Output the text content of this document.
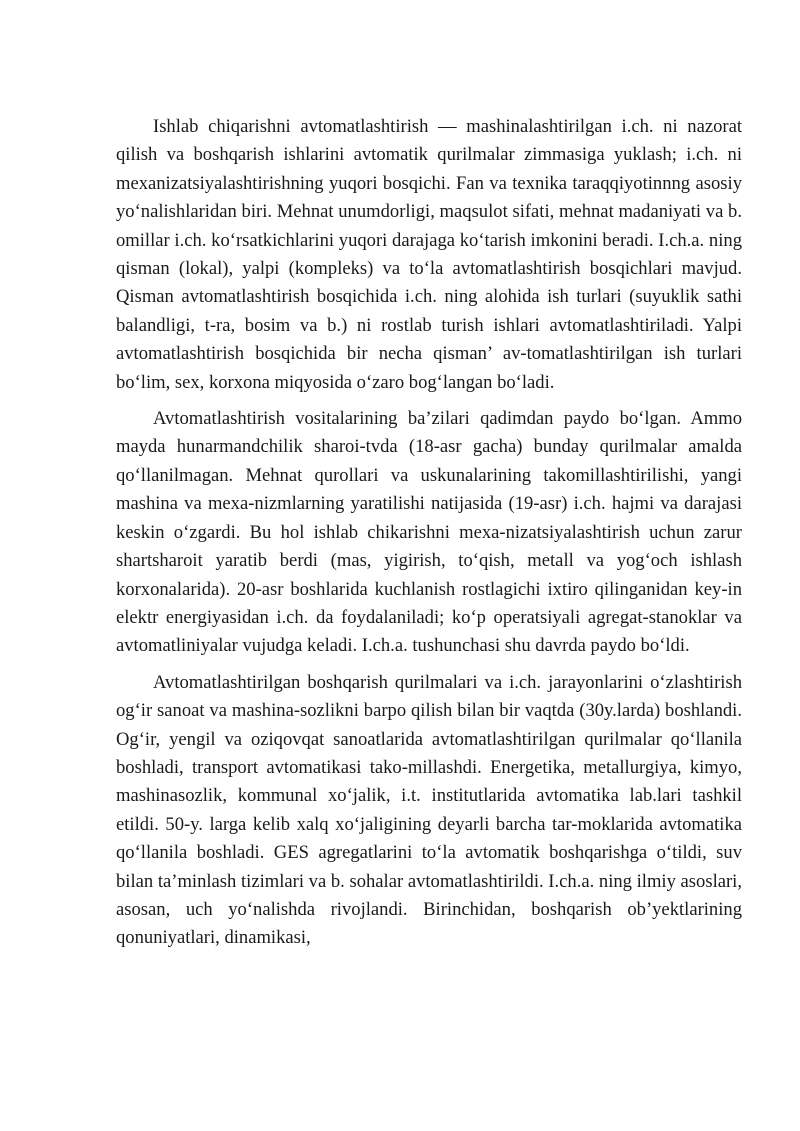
Ishlab chiqarishni avtomatlashtirish — mashinalashtirilgan i.ch. ni nazorat qilish va boshqarish ishlarini avtomatik qurilmalar zimmasiga yuklash; i.ch. ni mexanizatsiyalashtirishning yuqori bosqichi. Fan va texnika taraqqiyotinnng asosiy yo‘nalishlaridan biri. Mehnat unumdorligi, maqsulot sifati, mehnat madaniyati va b. omillar i.ch. ko‘rsatkichlarini yuqori darajaga ko‘tarish imkonini beradi. I.ch.a. ning qisman (lokal), yalpi (kompleks) va to‘la avtomatlashtirish bosqichlari mavjud. Qisman avtomatlashtirish bosqichida i.ch. ning alohida ish turlari (suyuklik sathi balandligi, t-ra, bosim va b.) ni rostlab turish ishlari avtomatlashtiriladi. Yalpi avtomatlashtirish bosqichida bir necha qisman’ av-tomatlashtirilgan ish turlari bo‘lim, sex, korxona miqyosida o‘zaro bog‘langan bo‘ladi.

Avtomatlashtirish vositalarining ba’zilari qadimdan paydo bo‘lgan. Ammo mayda hunarmandchilik sharoi-tvda (18-asr gacha) bunday qurilmalar amalda qo‘llanilmagan. Mehnat qurollari va uskunalarining takomillashtirilishi, yangi mashina va mexa-nizmlarning yaratilishi natijasida (19-asr) i.ch. hajmi va darajasi keskin o‘zgardi. Bu hol ishlab chikarishni mexa-nizatsiyalashtirish uchun zarur shartsharoit yaratib berdi (mas, yigirish, to‘qish, metall va yog‘och ishlash korxonalarida). 20-asr boshlarida kuchlanish rostlagichi ixtiro qilinganidan key-in elektr energiyasidan i.ch. da foydalaniladi; ko‘p operatsiyali agregat-stanoklar va avtomatliniyalar vujudga keladi. I.ch.a. tushunchasi shu davrda paydo bo‘ldi.

Avtomatlashtirilgan boshqarish qurilmalari va i.ch. jarayonlarini o‘zlashtirish og‘ir sanoat va mashina-sozlikni barpo qilish bilan bir vaqtda (30y.larda) boshlandi. Og‘ir, yengil va oziqovqat sanoatlarida avtomatlashtirilgan qurilmalar qo‘llanila boshladi, transport avtomatikasi tako-millashdi. Energetika, metallurgiya, kimyo, mashinasozlik, kommunal xo‘jalik, i.t. institutlarida avtomatika lab.lari tashkil etildi. 50-y. larga kelib xalq xo‘jaligining deyarli barcha tar-moklarida avtomatika qo‘llanila boshladi. GES agregatlarini to‘la avtomatik boshqarishga o‘tildi, suv bilan ta’minlash tizimlari va b. sohalar avtomatlashtirildi. I.ch.a. ning ilmiy asoslari, asosan, uch yo‘nalishda rivojlandi. Birinchidan, boshqarish ob’yektlarining qonuniyatlari, dinamikasi,
